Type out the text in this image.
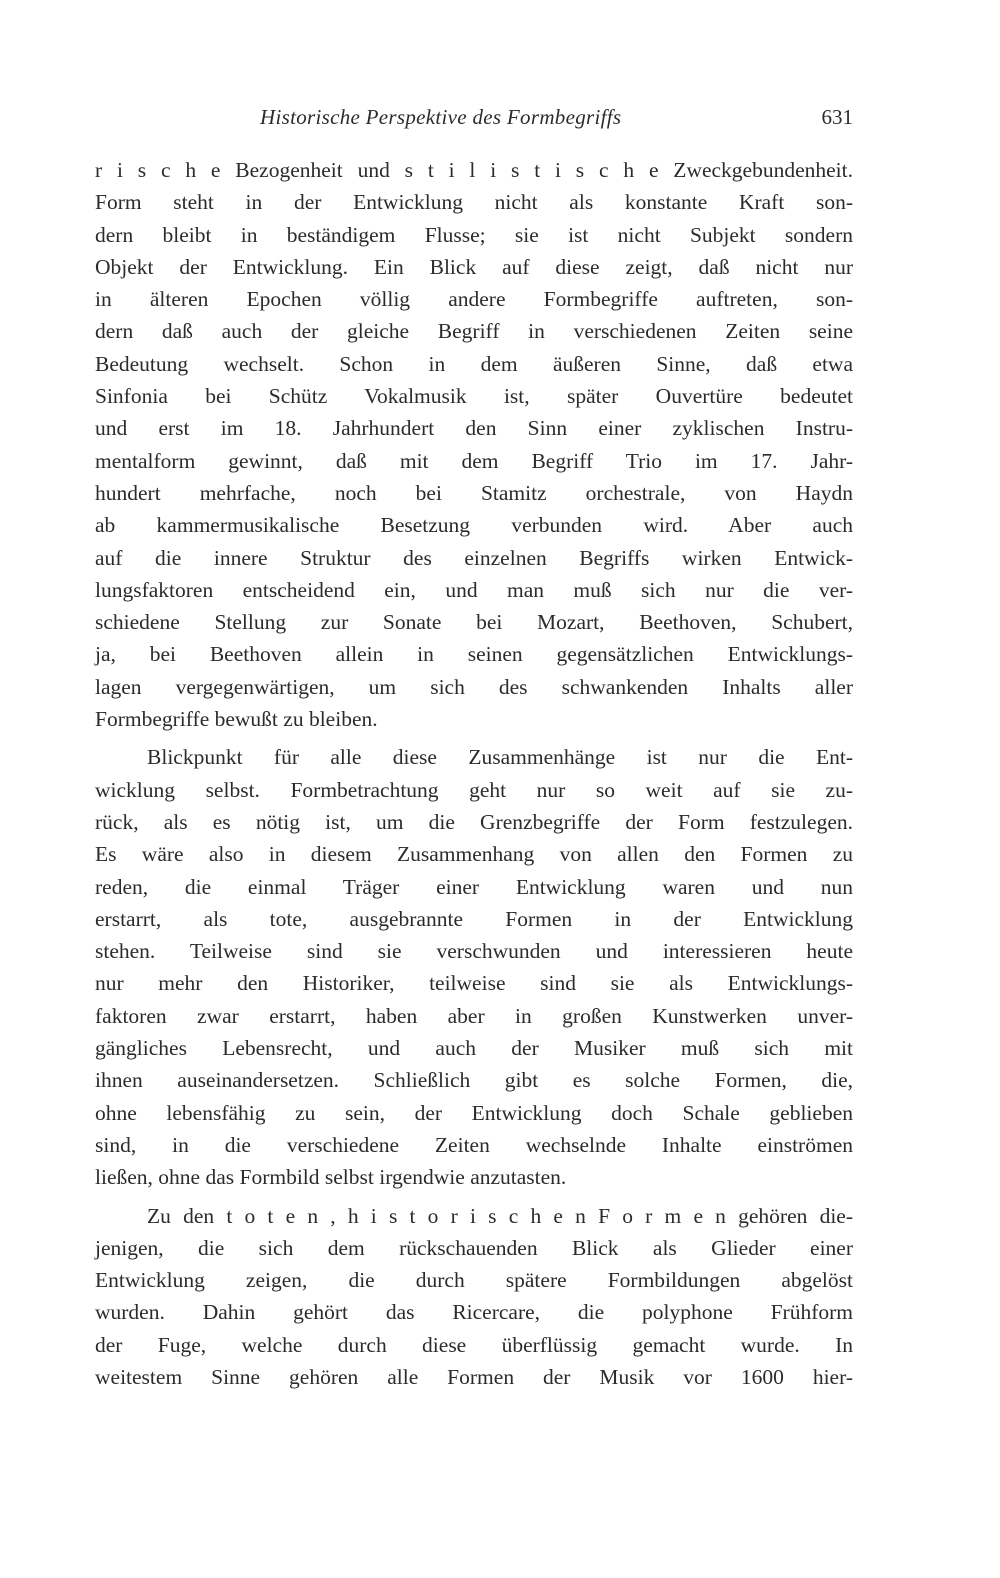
Historische Perspektive des Formbegriffs	631
r i s c h e Bezogenheit und s t i l i s t i s c h e Zweckgebundenheit.
Form steht in der Entwicklung nicht als konstante Kraft son-
dern bleibt in beständigem Flusse; sie ist nicht Subjekt sondern
Objekt der Entwicklung. Ein Blick auf diese zeigt, daß nicht nur
in älteren Epochen völlig andere Formbegriffe auftreten, son-
dern daß auch der gleiche Begriff in verschiedenen Zeiten seine
Bedeutung wechselt. Schon in dem äußeren Sinne, daß etwa
Sinfonia bei Schütz Vokalmusik ist, später Ouvertüre bedeutet
und erst im 18. Jahrhundert den Sinn einer zyklischen Instru-
mentalform gewinnt, daß mit dem Begriff Trio im 17. Jahr-
hundert mehrfache, noch bei Stamitz orchestrale, von Haydn
ab kammermusikalische Besetzung verbunden wird. Aber auch
auf die innere Struktur des einzelnen Begriffs wirken Entwick-
lungsfaktoren entscheidend ein, und man muß sich nur die ver-
schiedene Stellung zur Sonate bei Mozart, Beethoven, Schubert,
ja, bei Beethoven allein in seinen gegensätzlichen Entwicklungs-
lagen vergegenwärtigen, um sich des schwankenden Inhalts aller
Formbegriffe bewußt zu bleiben.
Blickpunkt für alle diese Zusammenhänge ist nur die Ent-
wicklung selbst. Formbetrachtung geht nur so weit auf sie zu-
rück, als es nötig ist, um die Grenzbegriffe der Form festzulegen.
Es wäre also in diesem Zusammenhang von allen den Formen zu
reden, die einmal Träger einer Entwicklung waren und nun
erstarrt, als tote, ausgebrannte Formen in der Entwicklung
stehen. Teilweise sind sie verschwunden und interessieren heute
nur mehr den Historiker, teilweise sind sie als Entwicklungs-
faktoren zwar erstarrt, haben aber in großen Kunstwerken unver-
gängliches Lebensrecht, und auch der Musiker muß sich mit
ihnen auseinandersetzen. Schließlich gibt es solche Formen, die,
ohne lebensfähig zu sein, der Entwicklung doch Schale geblieben
sind, in die verschiedene Zeiten wechselnde Inhalte einströmen
ließen, ohne das Formbild selbst irgendwie anzutasten.
Zu den t o t e n , h i s t o r i s c h e n F o r m e n gehören die-
jenigen, die sich dem rückschauenden Blick als Glieder einer
Entwicklung zeigen, die durch spätere Formbildungen abgelöst
wurden. Dahin gehört das Ricercare, die polyphone Frühform
der Fuge, welche durch diese überflüssig gemacht wurde. In
weitestem Sinne gehören alle Formen der Musik vor 1600 hier-
